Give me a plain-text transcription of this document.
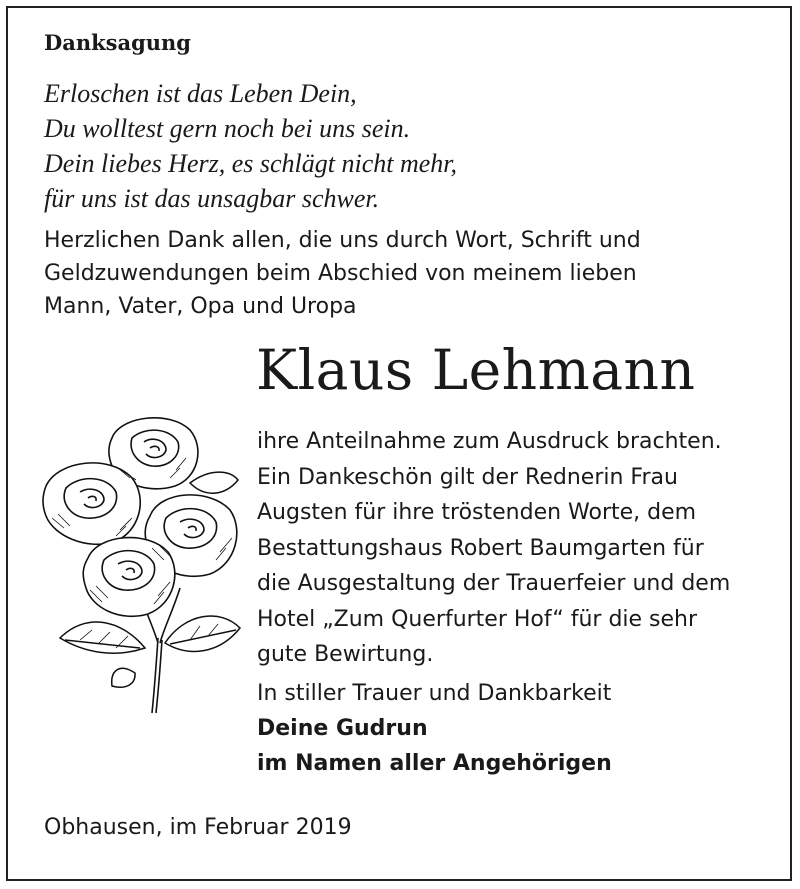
Danksagung
Erloschen ist das Leben Dein,
Du wolltest gern noch bei uns sein.
Dein liebes Herz, es schlägt nicht mehr,
für uns ist das unsagbar schwer.
Herzlichen Dank allen, die uns durch Wort, Schrift und
Geldzuwendungen beim Abschied von meinem lieben
Mann, Vater, Opa und Uropa
Klaus Lehmann
ihre Anteilnahme zum Ausdruck brachten.
Ein Dankeschön gilt der Rednerin Frau
Augsten für ihre tröstenden Worte, dem
Bestattungshaus Robert Baumgarten für
die Ausgestaltung der Trauerfeier und dem
Hotel „Zum Querfurter Hof“ für die sehr
gute Bewirtung.
In stiller Trauer und Dankbarkeit
Deine Gudrun
im Namen aller Angehörigen
Obhausen, im Februar 2019
